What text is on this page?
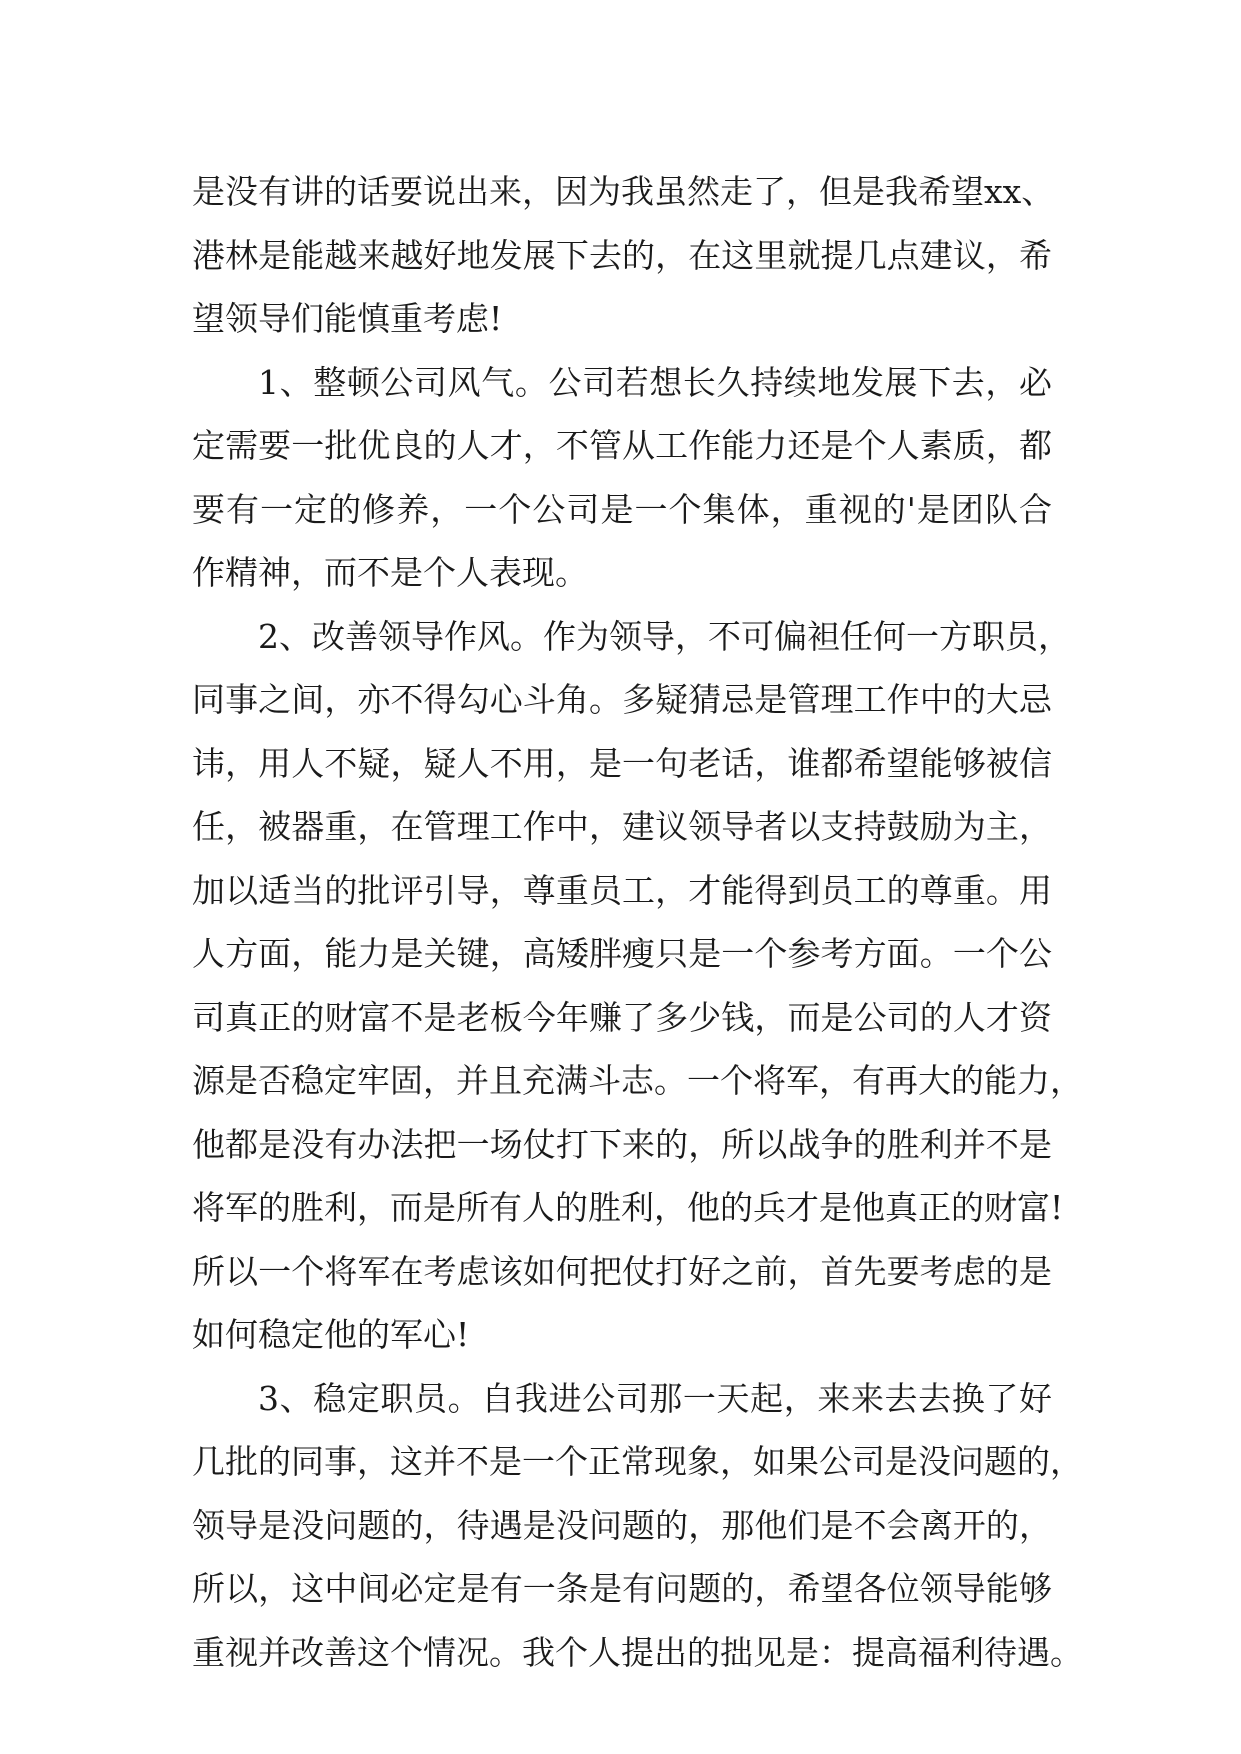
是没有讲的话要说出来，因为我虽然走了，但是我希望xx、
港林是能越来越好地发展下去的，在这里就提几点建议，希
望领导们能慎重考虑!
1、整顿公司风气。公司若想长久持续地发展下去，必
定需要一批优良的人才，不管从工作能力还是个人素质，都
要有一定的修养，一个公司是一个集体，重视的'是团队合
作精神，而不是个人表现。
2、改善领导作风。作为领导，不可偏袒任何一方职员，
同事之间，亦不得勾心斗角。多疑猜忌是管理工作中的大忌
讳，用人不疑，疑人不用，是一句老话，谁都希望能够被信
任，被器重，在管理工作中，建议领导者以支持鼓励为主，
加以适当的批评引导，尊重员工，才能得到员工的尊重。用
人方面，能力是关键，高矮胖瘦只是一个参考方面。一个公
司真正的财富不是老板今年赚了多少钱，而是公司的人才资
源是否稳定牢固，并且充满斗志。一个将军，有再大的能力，
他都是没有办法把一场仗打下来的，所以战争的胜利并不是
将军的胜利，而是所有人的胜利，他的兵才是他真正的财富!
所以一个将军在考虑该如何把仗打好之前，首先要考虑的是
如何稳定他的军心!
3、稳定职员。自我进公司那一天起，来来去去换了好
几批的同事，这并不是一个正常现象，如果公司是没问题的，
领导是没问题的，待遇是没问题的，那他们是不会离开的，
所以，这中间必定是有一条是有问题的，希望各位领导能够
重视并改善这个情况。我个人提出的拙见是：提高福利待遇。
